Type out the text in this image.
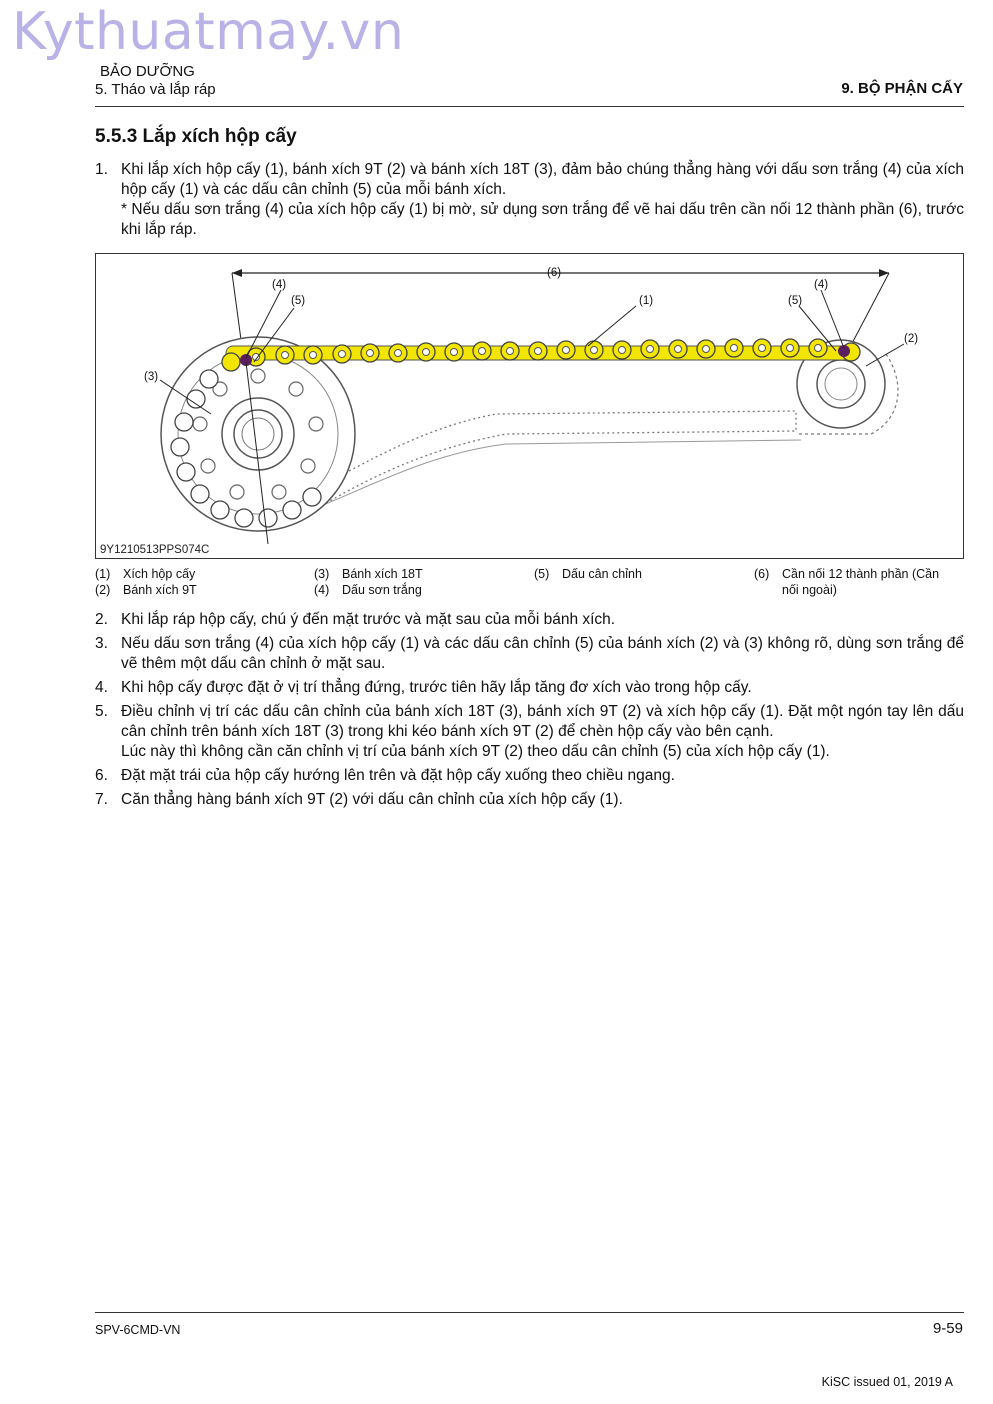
Kythuatmay.vn
BẢO DƯỠNG
5. Tháo và lắp ráp	9. BỘ PHẬN CẤY
5.5.3 Lắp xích hộp cấy
1. Khi lắp xích hộp cấy (1), bánh xích 9T (2) và bánh xích 18T (3), đảm bảo chúng thẳng hàng với dấu sơn trắng (4) của xích hộp cấy (1) và các dấu cân chỉnh (5) của mỗi bánh xích.
* Nếu dấu sơn trắng (4) của xích hộp cấy (1) bị mờ, sử dụng sơn trắng để vẽ hai dấu trên cần nối 12 thành phần (6), trước khi lắp ráp.
(4)
(5)
(6)
(1)
(4)
(5)
(2)
(3)
9Y1210513PPS074C
(1) Xích hộp cấy
(2) Bánh xích 9T
(3) Bánh xích 18T
(4) Dấu sơn trắng
(5) Dấu cân chỉnh	(6) Cần nối 12 thành phần (Cần nối ngoài)
2. Khi lắp ráp hộp cấy, chú ý đến mặt trước và mặt sau của mỗi bánh xích.
3. Nếu dấu sơn trắng (4) của xích hộp cấy (1) và các dấu cân chỉnh (5) của bánh xích (2) và (3) không rõ, dùng sơn trắng để vẽ thêm một dấu cân chỉnh ở mặt sau.
4. Khi hộp cấy được đặt ở vị trí thẳng đứng, trước tiên hãy lắp tăng đơ xích vào trong hộp cấy.
5. Điều chỉnh vị trí các dấu cân chỉnh của bánh xích 18T (3), bánh xích 9T (2) và xích hộp cấy (1). Đặt một ngón tay lên dấu cân chỉnh trên bánh xích 18T (3) trong khi kéo bánh xích 9T (2) để chèn hộp cấy vào bên cạnh.
Lúc này thì không cần căn chỉnh vị trí của bánh xích 9T (2) theo dấu cân chỉnh (5) của xích hộp cấy (1).
6. Đặt mặt trái của hộp cấy hướng lên trên và đặt hộp cấy xuống theo chiều ngang.
7. Căn thẳng hàng bánh xích 9T (2) với dấu cân chỉnh của xích hộp cấy (1).
SPV-6CMD-VN	9-59
KiSC issued 01, 2019 A
